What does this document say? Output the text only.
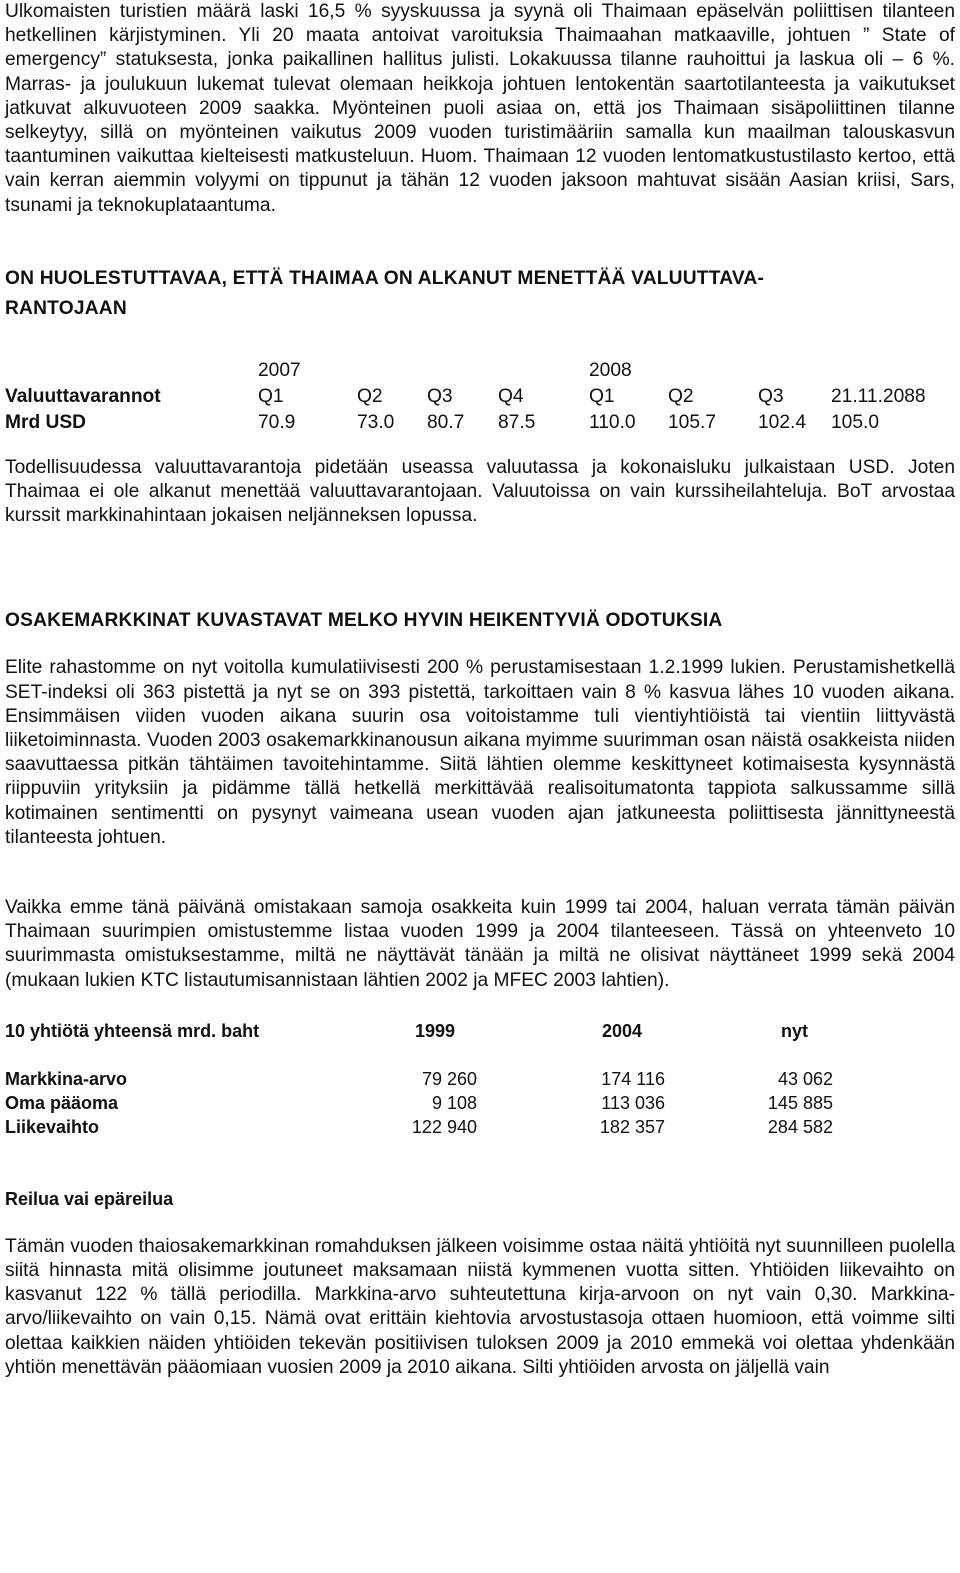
Ulkomaisten turistien määrä laski 16,5 % syyskuussa ja syynä oli Thaimaan epäselvän poliittisen tilanteen hetkellinen kärjistyminen. Yli 20 maata antoivat varoituksia Thaimaahan matkaaville, johtuen ” State of emergency” statuksesta, jonka paikallinen hallitus julisti. Lokakuussa tilanne rauhoittui ja laskua oli – 6 %. Marras- ja joulukuun lukemat tulevat olemaan heikkoja johtuen lentokentän saartotilanteesta ja vaikutukset jatkuvat alkuvuoteen 2009 saakka. Myönteinen puoli asiaa on, että jos Thaimaan sisäpoliittinen tilanne selkeytyy, sillä on myönteinen vaikutus 2009 vuoden turistimääriin samalla kun maailman talouskasvun taantuminen vaikuttaa kielteisesti matkusteluun. Huom. Thaimaan 12 vuoden lentomatkustustilasto kertoo, että vain kerran aiemmin volyymi on tippunut ja tähän 12 vuoden jaksoon mahtuvat sisään Aasian kriisi, Sars, tsunami ja teknokuplataantuma.

ON HUOLESTUTTAVAA, ETTÄ THAIMAA ON ALKANUT MENETTÄÄ VALUUTTAVA-
RANTOJAAN
2007	2008
Valuuttavarannot	Q1	Q2 Q3 Q4	Q1	Q2	Q3 21.11.2088
Mrd USD	70.9	73.0 80.7 87.5	110.0 105.7 102.4 105.0

Todellisuudessa valuuttavarantoja pidetään useassa valuutassa ja kokonaisluku julkaistaan USD. Joten Thaimaa ei ole alkanut menettää valuuttavarantojaan. Valuutoissa on vain kurssiheilahteluja. BoT arvostaa kurssit markkinahintaan jokaisen neljänneksen lopussa.

OSAKEMARKKINAT KUVASTAVAT MELKO HYVIN HEIKENTYVIÄ ODOTUKSIA

Elite rahastomme on nyt voitolla kumulatiivisesti 200 % perustamisestaan 1.2.1999 lukien. Perustamishetkellä SET-indeksi oli 363 pistettä ja nyt se on 393 pistettä, tarkoittaen vain 8 % kasvua lähes 10 vuoden aikana. Ensimmäisen viiden vuoden aikana suurin osa voitoistamme tuli vientiyhtiöistä tai vientiin liittyvästä liiketoiminnasta. Vuoden 2003 osakemarkkinanousun aikana myimme suurimman osan näistä osakkeista niiden saavuttaessa pitkän tähtäimen tavoitehintamme. Siitä lähtien olemme keskittyneet kotimaisesta kysynnästä riippuviin yrityksiin ja pidämme tällä hetkellä merkittävää realisoitumatonta tappiota salkussamme sillä kotimainen sentimentti on pysynyt vaimeana usean vuoden ajan jatkuneesta poliittisesta jännittyneestä tilanteesta johtuen.

Vaikka emme tänä päivänä omistakaan samoja osakkeita kuin 1999 tai 2004, haluan verrata tämän päivän Thaimaan suurimpien omistustemme listaa vuoden 1999 ja 2004 tilanteeseen. Tässä on yhteenveto 10 suurimmasta omistuksestamme, miltä ne näyttävät tänään ja miltä ne olisivat näyttäneet 1999 sekä 2004 (mukaan lukien KTC listautumisannistaan lähtien 2002 ja MFEC 2003 lahtien).

10 yhtiötä yhteensä mrd. baht	1999	2004	nyt
Markkina-arvo	79 260	174 116	43 062
Oma pääoma	9 108	113 036	145 885
Liikevaihto	122 940	182 357	284 582
Reilua vai epäreilua

Tämän vuoden thaiosakemarkkinan romahduksen jälkeen voisimme ostaa näitä yhtiöitä nyt suunnilleen puolella siitä hinnasta mitä olisimme joutuneet maksamaan niistä kymmenen vuotta sitten. Yhtiöiden liikevaihto on kasvanut 122 % tällä periodilla. Markkina-arvo suhteutettuna kirja-arvoon on nyt vain 0,30. Markkina-arvo/liikevaihto on vain 0,15. Nämä ovat erittäin kiehtovia arvostustasoja ottaen huomioon, että voimme silti olettaa kaikkien näiden yhtiöiden tekevän positiivisen tuloksen 2009 ja 2010 emmekä voi olettaa yhdenkään yhtiön menettävän pääomiaan vuosien 2009 ja 2010 aikana. Silti yhtiöiden arvosta on jäljellä vain
